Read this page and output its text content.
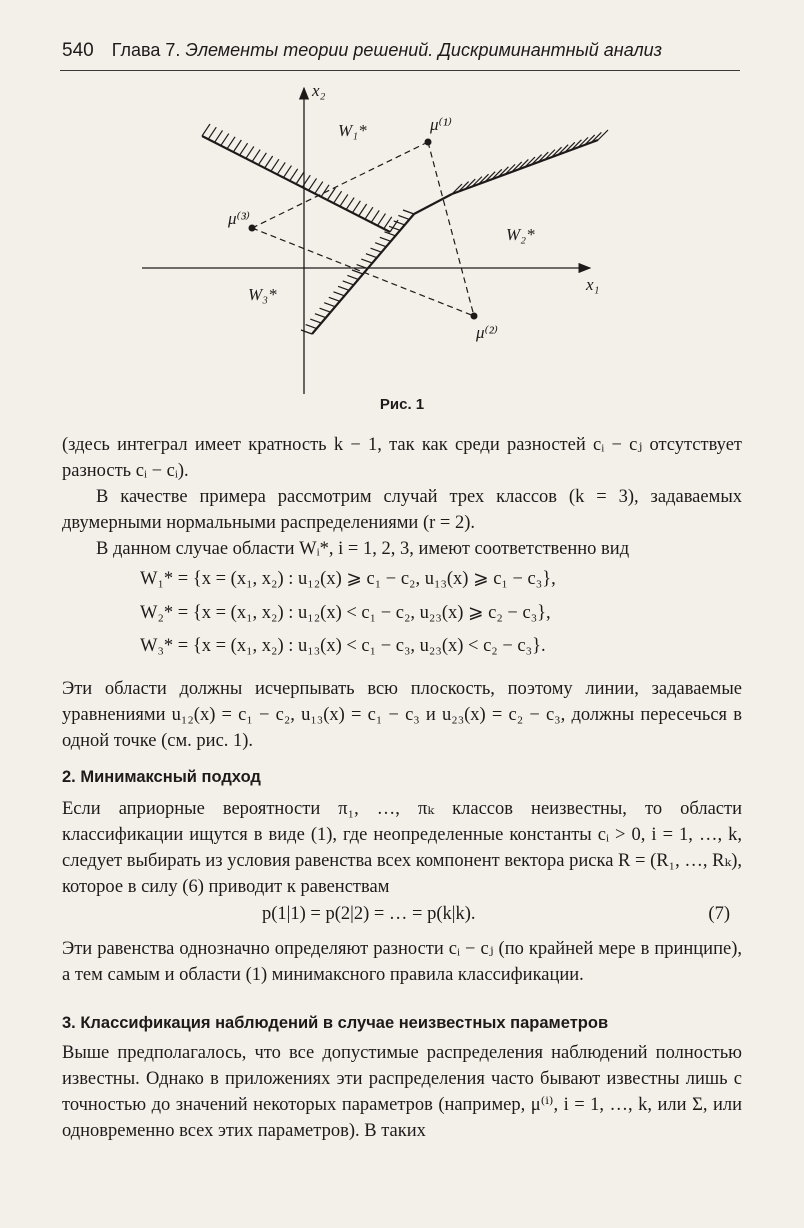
540 Глава 7. Элементы теории решений. Дискриминантный анализ
x₂
x₁
μ⁽¹⁾
μ⁽²⁾
μ⁽³⁾
W₁*
W₂*
W₃*
Рис. 1
(здесь интеграл имеет кратность k − 1, так как среди разностей cᵢ − cⱼ отсутствует разность cᵢ − cᵢ).
В качестве примера рассмотрим случай трех классов (k = 3), задаваемых двумерными нормальными распределениями (r = 2).
В данном случае области Wᵢ*, i = 1, 2, 3, имеют соответственно вид
W₁* = {x = (x₁, x₂) : u₁₂(x) ⩾ c₁ − c₂, u₁₃(x) ⩾ c₁ − c₃},
W₂* = {x = (x₁, x₂) : u₁₂(x) < c₁ − c₂, u₂₃(x) ⩾ c₂ − c₃},
W₃* = {x = (x₁, x₂) : u₁₃(x) < c₁ − c₃, u₂₃(x) < c₂ − c₃}.
Эти области должны исчерпывать всю плоскость, поэтому линии, задаваемые уравнениями u₁₂(x) = c₁ − c₂, u₁₃(x) = c₁ − c₃ и u₂₃(x) = c₂ − c₃, должны пересечься в одной точке (см. рис. 1).
2. Минимаксный подход
Если априорные вероятности π₁, …, πₖ классов неизвестны, то области классификации ищутся в виде (1), где неопределенные константы cᵢ > 0, i = 1, …, k, следует выбирать из условия равенства всех компонент вектора риска R = (R₁, …, Rₖ), которое в силу (6) приводит к равенствам
p(1|1) = p(2|2) = … = p(k|k).	(7)
Эти равенства однозначно определяют разности cᵢ − cⱼ (по крайней мере в принципе), а тем самым и области (1) минимаксного правила классификации.
3. Классификация наблюдений в случае неизвестных параметров
Выше предполагалось, что все допустимые распределения наблюдений полностью известны. Однако в приложениях эти распределения часто бывают известны лишь с точностью до значений некоторых параметров (например, μ⁽ⁱ⁾, i = 1, …, k, или Σ, или одновременно всех этих параметров). В таких
